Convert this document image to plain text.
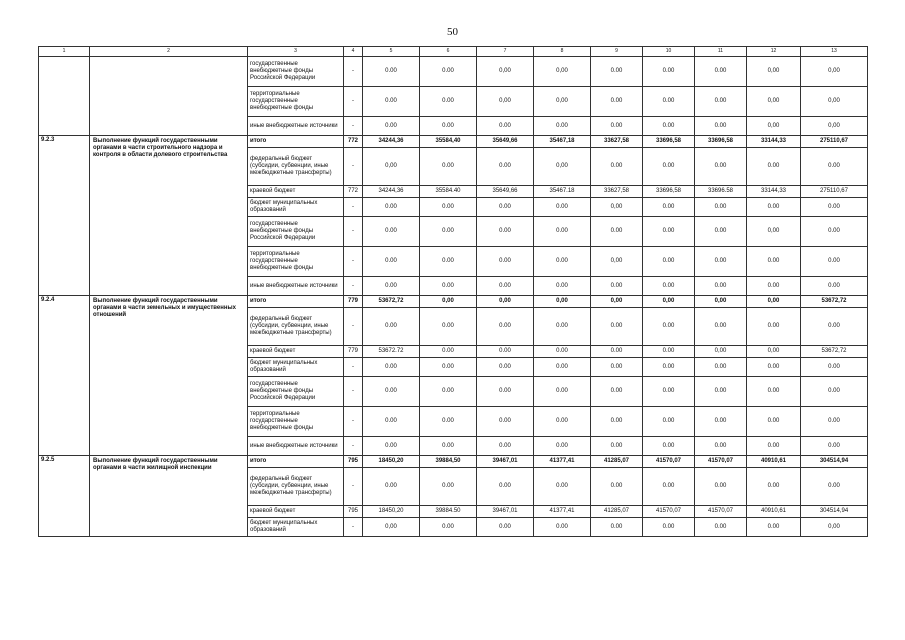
50
1	2	3	4	5	6	7	8	9	10	11	12	13
		государственные внебюджетные фонды Российской Федерации	-	0.00	0.00	0,00	0,00	0.00	0.00	0.00	0,00	0,00
		территориальные государственные внебюджетные фонды	-	0.00	0.00	0,00	0,00	0.00	0.00	0.00	0,00	0,00
		иные внебюджетные источники	-	0.00	0.00	0.00	0.00	0.00	0.00	0.00	0,00	0,00
9.2.3	Выполнение функций государственными органами в части строительного надзора и контроля в области долевого строительства	итого	772	34244,36	35584,40	35649,66	35467,18	33627,58	33696,58	33696,58	33144,33	275110,67
		федеральный бюджет (субсидии, субвенции, иные межбюджетные трансферты)	-	0,00	0.00	0.00	0,00	0.00	0.00	0.00	0.00	0.00
		краевой бюджет	772	34244,36	35584.40	35649,66	35467.18	33627,58	33696,58	33696.58	33144,33	275110,67
		бюджет муниципальных образований	-	0.00	0.00	0.00	0.00	0,00	0.00	0.00	0.00	0.00
		государственные внебюджетные фонды Российской Федерации	-	0.00	0.00	0.00	0.00	0.00	0.00	0.00	0,00	0.00
		территориальные государственные внебюджетные фонды	-	0.00	0.00	0.00	0.00	0,00	0.00	0.00	0.00	0.00
		иные внебюджетные источники	-	0.00	0.00	0.00	0.00	0.00	0.00	0.00	0.00	0.00
9.2.4	Выполнение функций государственными органами в части земельных и имущественных отношений	итого	779	53672,72	0,00	0,00	0,00	0,00	0,00	0,00	0,00	53672,72
		федеральный бюджет (субсидии, субвенции, иные межбюджетные трансферты)	-	0.00	0.00	0.00	0.00	0.00	0.00	0.00	0.00	0.00
		краевой бюджет	779	53672.72	0.00	0.00	0.00	0.00	0.00	0,00	0,00	53672,72
		бюджет муниципальных образований	-	0.00	0.00	0.00	0.00	0.00	0.00	0.00	0.00	0.00
		государственные внебюджетные фонды Российской Федерации	-	0.00	0.00	0.00	0.00	0.00	0.00	0.00	0.00	0.00
		территориальные государственные внебюджетные фонды	-	0.00	0.00	0.00	0.00	0.00	0.00	0.00	0.00	0.00
		иные внебюджетные источники	-	0.00	0.00	0.00	0.00	0.00	0.00	0.00	0.00	0.00
9.2.5	Выполнение функций государственными органами в части жилищной инспекции	итого	795	18450,20	39884,50	39467,01	41377,41	41285,07	41570,07	41570,07	40910,61	304514,94
		федеральный бюджет (субсидии, субвенции, иные межбюджетные трансферты)	-	0.00	0.00	0.00	0.00	0.00	0.00	0.00	0.00	0.00
		краевой бюджет	795	18450,20	39884.50	39467,01	41377,41	41285,07	41570,07	41570,07	40910,61	304514,94
		бюджет муниципальных образований	-	0,00	0.00	0.00	0.00	0.00	0.00	0.00	0.00	0,00
